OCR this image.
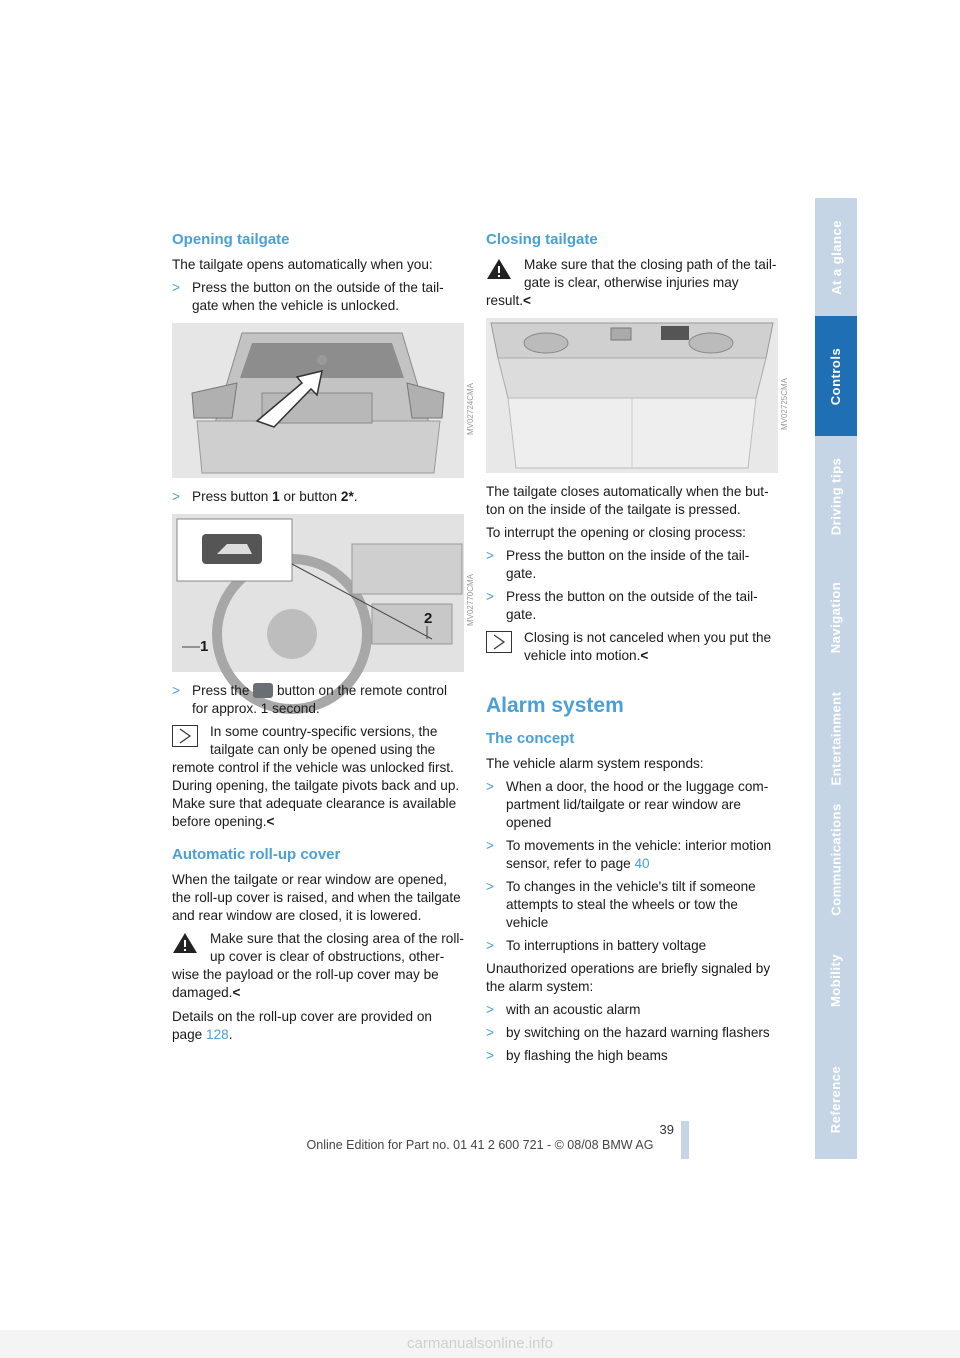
Opening tailgate

The tailgate opens automatically when you:

> Press the button on the outside of the tail-gate when the vehicle is unlocked.
MV02724CMA
> Press button 1 or button 2*.
1
2	MV02770CMA
> Press the  button on the remote control for approx. 1 second.
In some country-specific versions, the tailgate can only be opened using the remote control if the vehicle was unlocked first. During opening, the tailgate pivots back and up. Make sure that adequate clearance is available before opening.<
Automatic roll-up cover

When the tailgate or rear window are opened, the roll-up cover is raised, and when the tailgate and rear window are closed, it is lowered.

Make sure that the closing area of the roll-up cover is clear of obstructions, other-wise the payload or the roll-up cover may be damaged.<

Details on the roll-up cover are provided on page 128.

Closing tailgate
Make sure that the closing path of the tail-gate is clear, otherwise injuries may result.<
MV02725CMA

The tailgate closes automatically when the but-ton on the inside of the tailgate is pressed.

To interrupt the opening or closing process:

> Press the button on the inside of the tail-gate.
> Press the button on the outside of the tail-gate.
Closing is not canceled when you put the vehicle into motion.<
Alarm system
The concept

The vehicle alarm system responds:

> When a door, the hood or the luggage com-partment lid/tailgate or rear window are opened
> To movements in the vehicle: interior motion sensor, refer to page 40
> To changes in the vehicle's tilt if someone attempts to steal the wheels or tow the vehicle
> To interruptions in battery voltage

Unauthorized operations are briefly signaled by the alarm system:

> with an acoustic alarm
> by switching on the hazard warning flashers
> by flashing the high beams
At a glance
Controls
Driving tips
Navigation
Entertainment
Communications
Mobility
Reference
39
Online Edition for Part no. 01 41 2 600 721 - © 08/08 BMW AG
carmanualsonline.info
